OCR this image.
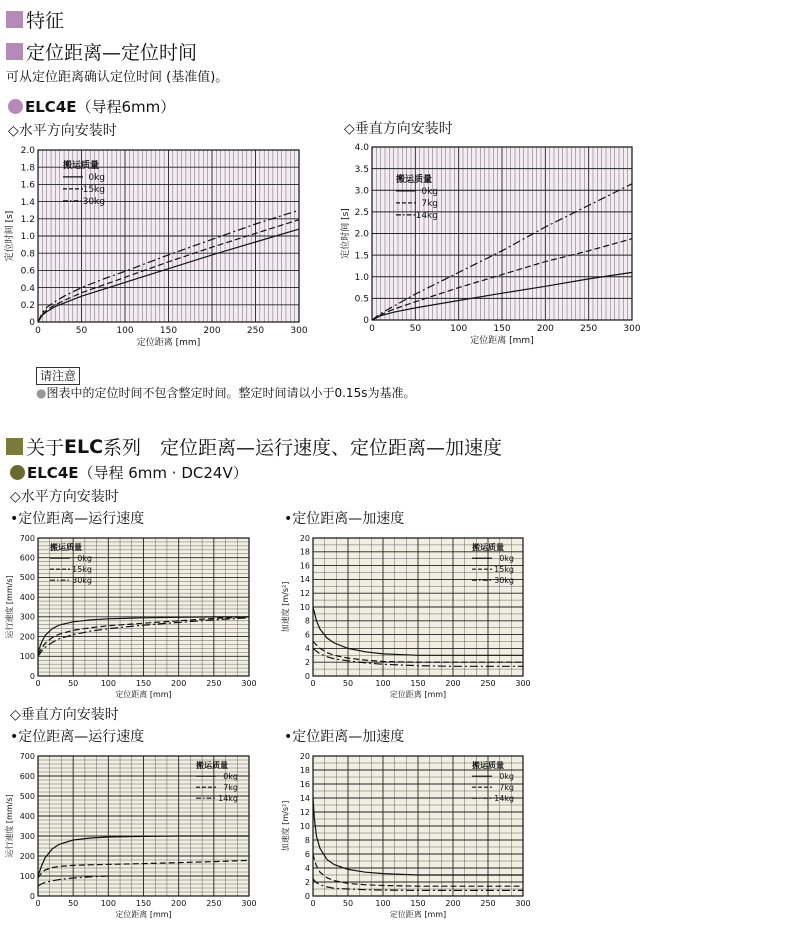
特征
定位距离—定位时间
可从定位距离确认定位时间 (基准值)。
ELC4E （导程6mm）
◇水平方向安装时	◇垂直方向安装时
0	50	100	150	200	250	300
0
0.2
0.4
0.6
0.8
1.0
1.2
1.4
1.6
1.8
2.0
定位距离 [mm]
定位时间 [s]
搬运质量
0kg
15kg
30kg
0	50	100	150	200	250	300
0
0.5
1.0
1.5
2.0
2.5
3.0
3.5
4.0
定位距离 [mm]
定位时间 [s]
搬运质量
0kg
7kg
14kg
请注意
●图表中的定位时间不包含整定时间。整定时间请以小于0.15s为基准。
关于 ELC 系列　定位距离—运行速度、定位距离—加速度
ELC4E （导程 6mm · DC24V）
◇水平方向安装时
•定位距离—运行速度	•定位距离—加速度
0	50	100 150 200 250 300
0
100
200
300
400
500
600
700
定位距离 [mm]
运行速度 [mm/s]
搬运质量
0kg
15kg
30kg
0	50	100 150 200 250 300
0
2
4
6
8
10
12
14
16
18
20
定位距离 [mm]
加速度 [m/s²]
搬运质量
0kg
15kg
30kg
◇垂直方向安装时
•定位距离—运行速度	•定位距离—加速度
0	50	100 150 200 250 300
0
100
200
300
400
500
600
700
定位距离 [mm]
运行速度 [mm/s]
搬运质量
0kg
7kg
14kg
0	50	100 150 200 250 300
0
2
4
6
8
10
12
14
16
18
20
定位距离 [mm]
加速度 [m/s²]
搬运质量
0kg
7kg
14kg
